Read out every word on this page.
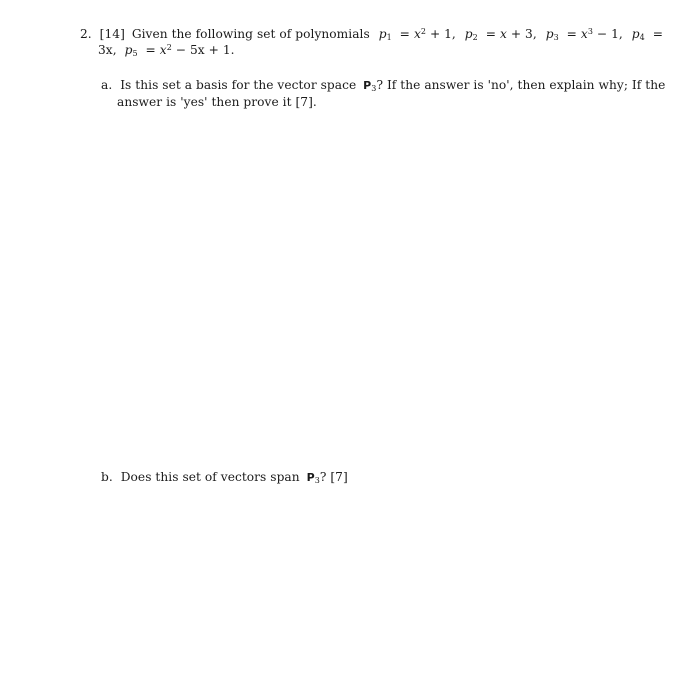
2. [14] Given the following set of polynomials $p_1 = x^2 + 1$, $p_2 = x + 3$, $p_3 = x^3 - 1$, $p_4$ =
3x, $p_5 = x^2 - 5x + 1$.
a. Is this set a basis for the vector space $P_3$? If the answer is 'no', then explain why; If the
answer is 'yes' then prove it [7].
b. Does this set of vectors span $P_3$? [7]
